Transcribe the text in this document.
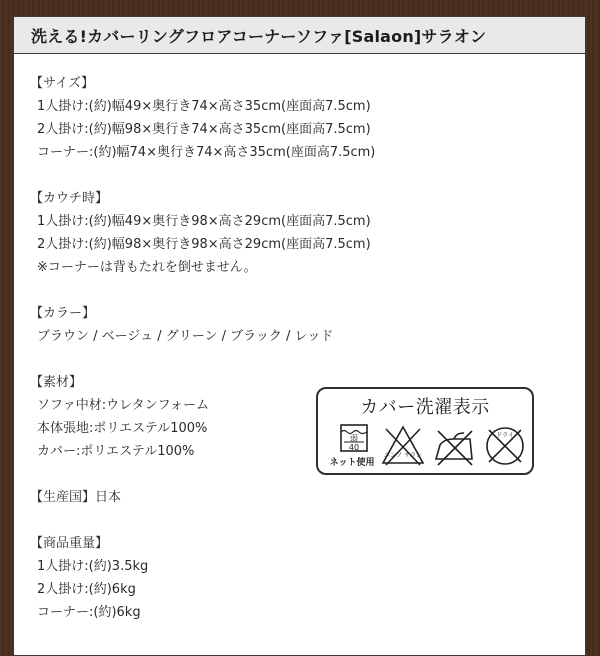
洗える!カバーリングフロアコーナーソファ[Salaon]サラオン
【サイズ】
1人掛け:(約)幅49×奥行き74×高さ35cm(座面高7.5cm)
2人掛け:(約)幅98×奥行き74×高さ35cm(座面高7.5cm)
コーナー:(約)幅74×奥行き74×高さ35cm(座面高7.5cm)
【カウチ時】
1人掛け:(約)幅49×奥行き98×高さ29cm(座面高7.5cm)
2人掛け:(約)幅98×奥行き98×高さ29cm(座面高7.5cm)
※コーナーは背もたれを倒せません。
【カラー】
ブラウン / ベージュ / グリーン / ブラック / レッド
【素材】
ソファ中材:ウレタンフォーム
本体張地:ポリエステル100%
カバー:ポリエステル100%
【生産国】日本
【商品重量】
1人掛け:(約)3.5kg
2人掛け:(約)6kg
コーナー:(約)6kg
カバー洗濯表示
弱
40
ネット使用
エンソ サラシ
ドライ
